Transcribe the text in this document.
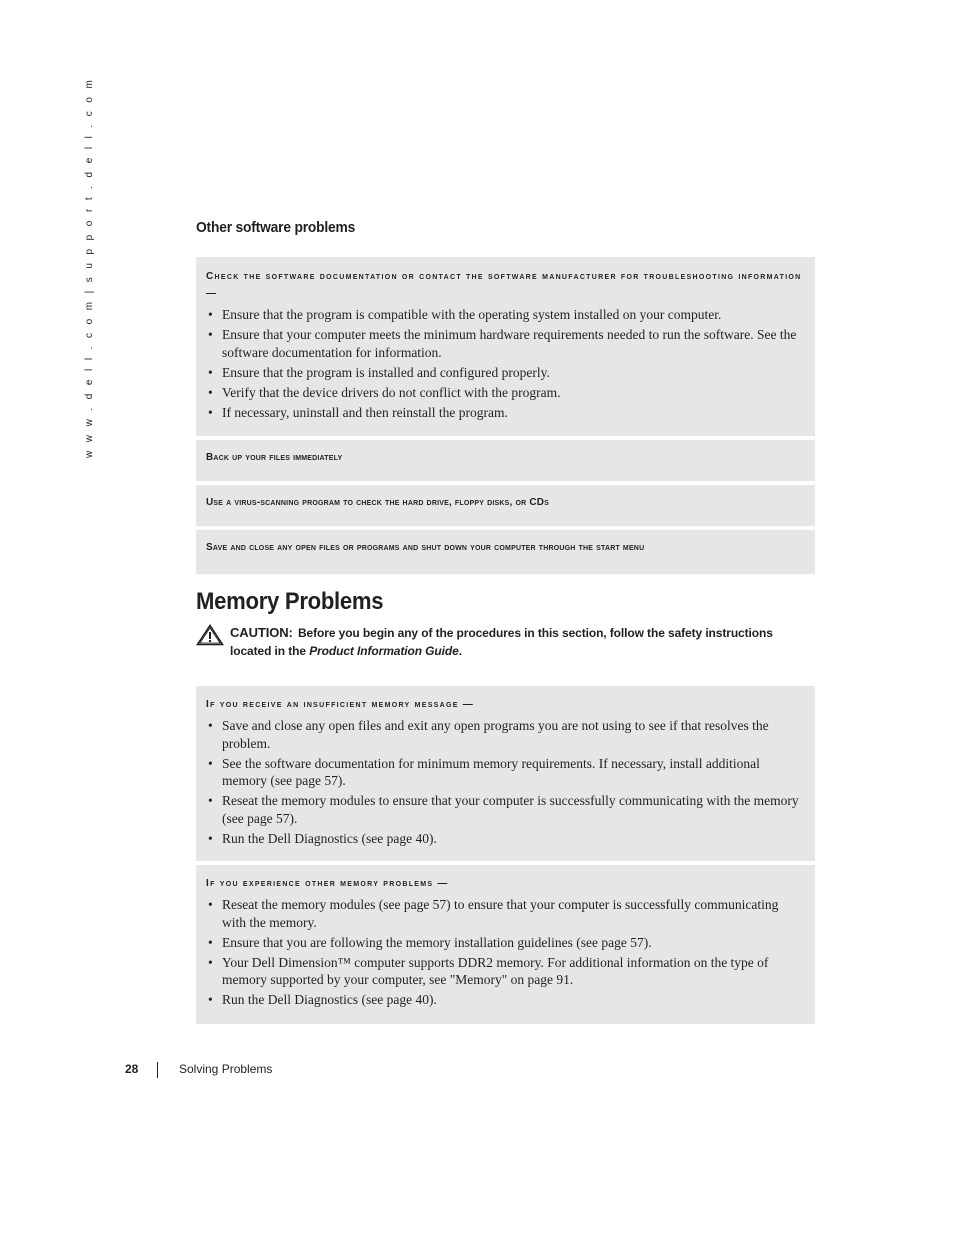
w w w . d e l l . c o m | s u p p o r t . d e l l . c o m	Other software problems
Check the software documentation or contact the software manufacturer for troubleshooting information —
• Ensure that the program is compatible with the operating system installed on your computer.
• Ensure that your computer meets the minimum hardware requirements needed to run the software. See the software documentation for information.
• Ensure that the program is installed and configured properly.
• Verify that the device drivers do not conflict with the program.
• If necessary, uninstall and then reinstall the program.
Back up your files immediately
Use a virus-scanning program to check the hard drive, floppy disks, or CDs
Save and close any open files or programs and shut down your computer through the start menu
Memory Problems
CAUTION: Before you begin any of the procedures in this section, follow the safety instructions located in the Product Information Guide.
If you receive an insufficient memory message —
• Save and close any open files and exit any open programs you are not using to see if that resolves the problem.
• See the software documentation for minimum memory requirements. If necessary, install additional memory (see page 57).
• Reseat the memory modules to ensure that your computer is successfully communicating with the memory (see page 57).
• Run the Dell Diagnostics (see page 40).
If you experience other memory problems —
• Reseat the memory modules (see page 57) to ensure that your computer is successfully communicating with the memory.
• Ensure that you are following the memory installation guidelines (see page 57).
• Your Dell Dimension™ computer supports DDR2 memory. For additional information on the type of memory supported by your computer, see "Memory" on page 91.
• Run the Dell Diagnostics (see page 40).
28	Solving Problems
